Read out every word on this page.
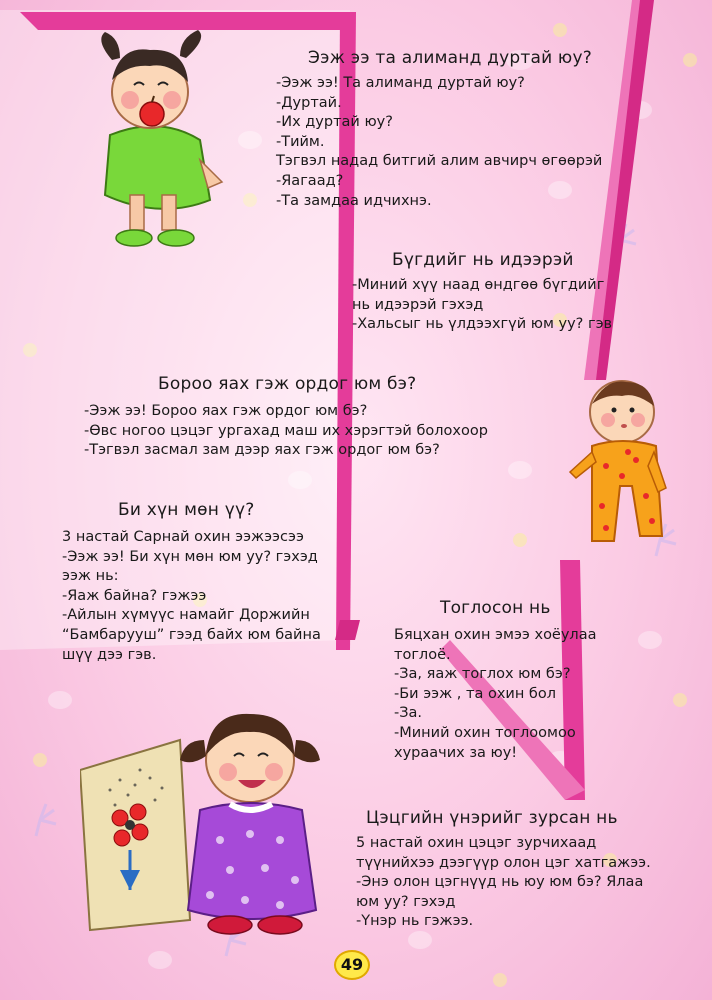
Ээж ээ та алиманд дуртай юу?
-Ээж ээ! Та алиманд дуртай юу?
-Дуртай.
-Их дуртай юу?
-Тийм.
Тэгвэл надад битгий алим авчирч өгөөрэй
-Яагаад?
-Та замдаа идчихнэ.
Бүгдийг нь идээрэй
-Миний хүү наад өндгөө бүгдийг
нь идээрэй гэхэд
-Хальсыг нь үлдээхгүй юм уу? гэв
Бороо яах гэж ордог юм бэ?
-Ээж ээ! Бороо яах гэж ордог юм бэ?
-Өвс ногоо цэцэг ургахад маш их хэрэгтэй болохоор
-Тэгвэл засмал зам дээр яах гэж ордог юм бэ?
Би хүн мөн үү?
3 настай Сарнай охин ээжээсээ
-Ээж ээ! Би хүн мөн юм уу? гэхэд
ээж нь:
-Яаж байна? гэжээ
-Айлын хүмүүс намайг Доржийн
“Бамбарууш” гээд байх юм байна
шүү дээ гэв.
Тоглосон нь
Бяцхан охин эмээ хоёулаа
тоглоё.
-За, яаж тоглох юм бэ?
-Би ээж , та охин бол
-За.
-Миний охин тоглоомоо
хураачих за юу!
Цэцгийн үнэрийг зурсан нь
5 настай охин цэцэг зурчихаад
түүнийхээ дээгүүр олон цэг хатгажээ.
-Энэ олон цэгнүүд нь юу юм бэ? Ялаа
юм уу? гэхэд
-Үнэр нь гэжээ.
49
